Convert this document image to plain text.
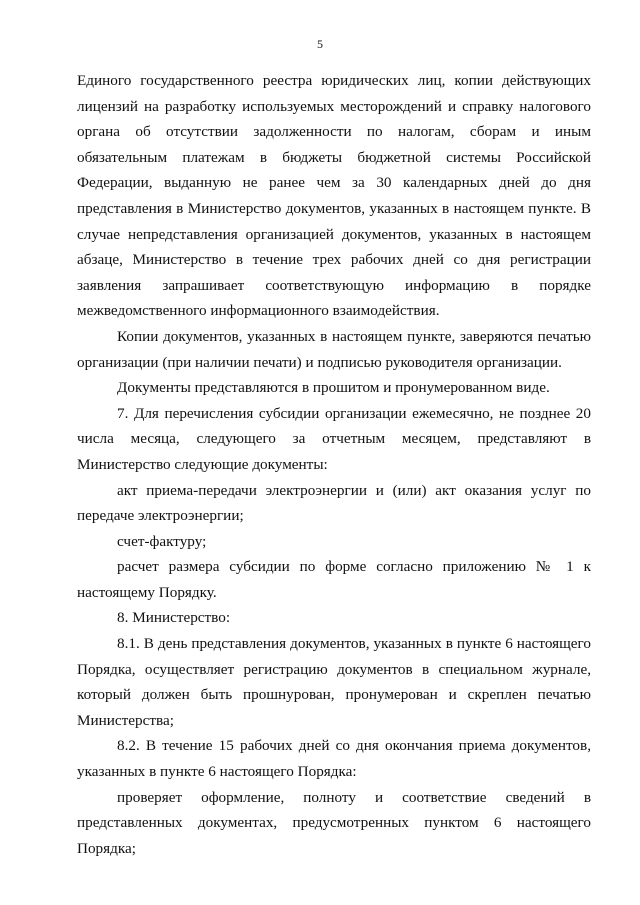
5

Единого государственного реестра юридических лиц, копии действующих лицензий на разработку используемых месторождений и справку налогового органа об отсутствии задолженности по налогам, сборам и иным обязательным платежам в бюджеты бюджетной системы Российской Федерации, выданную не ранее чем за 30 календарных дней до дня представления в Министерство документов, указанных в настоящем пункте. В случае непредставления организацией документов, указанных в настоящем абзаце, Министерство в течение трех рабочих дней со дня регистрации заявления запрашивает соответствующую информацию в порядке межведомственного информационного взаимодействия.

Копии документов, указанных в настоящем пункте, заверяются печатью организации (при наличии печати) и подписью руководителя организации.

Документы представляются в прошитом и пронумерованном виде.

7. Для перечисления субсидии организации ежемесячно, не позднее 20 числа месяца, следующего за отчетным месяцем, представляют в Министерство следующие документы:

акт приема-передачи электроэнергии и (или) акт оказания услуг по передаче электроэнергии;

счет-фактуру;

расчет размера субсидии по форме согласно приложению № 1 к настоящему Порядку.

8. Министерство:

8.1. В день представления документов, указанных в пункте 6 настоящего Порядка, осуществляет регистрацию документов в специальном журнале, который должен быть прошнурован, пронумерован и скреплен печатью Министерства;

8.2. В течение 15 рабочих дней со дня окончания приема документов, указанных в пункте 6 настоящего Порядка:

проверяет оформление, полноту и соответствие сведений в представленных документах, предусмотренных пунктом 6 настоящего Порядка;
